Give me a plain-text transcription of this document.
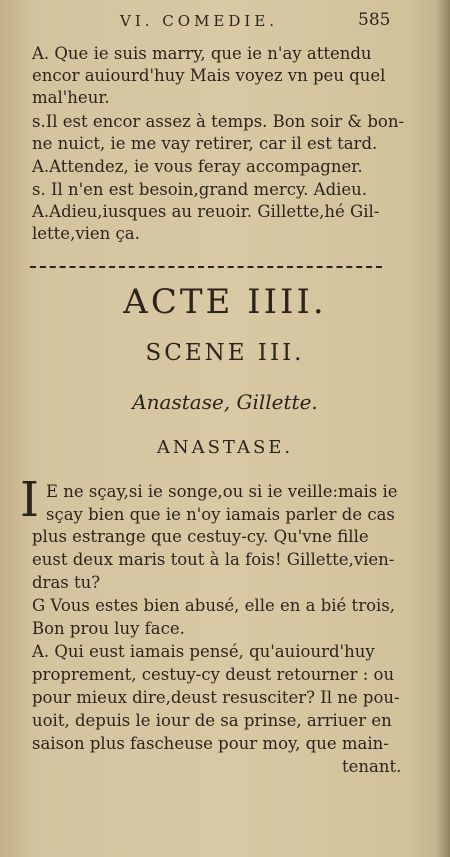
VI. COMEDIE.	585
A. Que ie suis marry, que ie n'ay attendu
encor auiourd'huy Mais voyez vn peu quel
mal'heur.
s.Il est encor assez à temps. Bon soir & bon-
ne nuict, ie me vay retirer, car il est tard.
A.Attendez, ie vous feray accompagner.
s. Il n'en est besoin,grand mercy. Adieu.
A.Adieu,iusques au reuoir. Gillette,hé Gil-
lette,vien ça.
ACTE IIII.
SCENE III.
Anastase, Gillette.
ANASTASE.
I E ne sçay,si ie songe,ou si ie veille:mais ie
sçay bien que ie n'oy iamais parler de cas
plus estrange que cestuy-cy. Qu'vne fille
eust deux maris tout à la fois! Gillette,vien-
dras tu?
G Vous estes bien abusé, elle en a bié trois,
Bon prou luy face.
A. Qui eust iamais pensé, qu'auiourd'huy
proprement, cestuy-cy deust retourner : ou
pour mieux dire,deust resusciter? Il ne pou-
uoit, depuis le iour de sa prinse, arriuer en
saison plus fascheuse pour moy, que main-
tenant.
